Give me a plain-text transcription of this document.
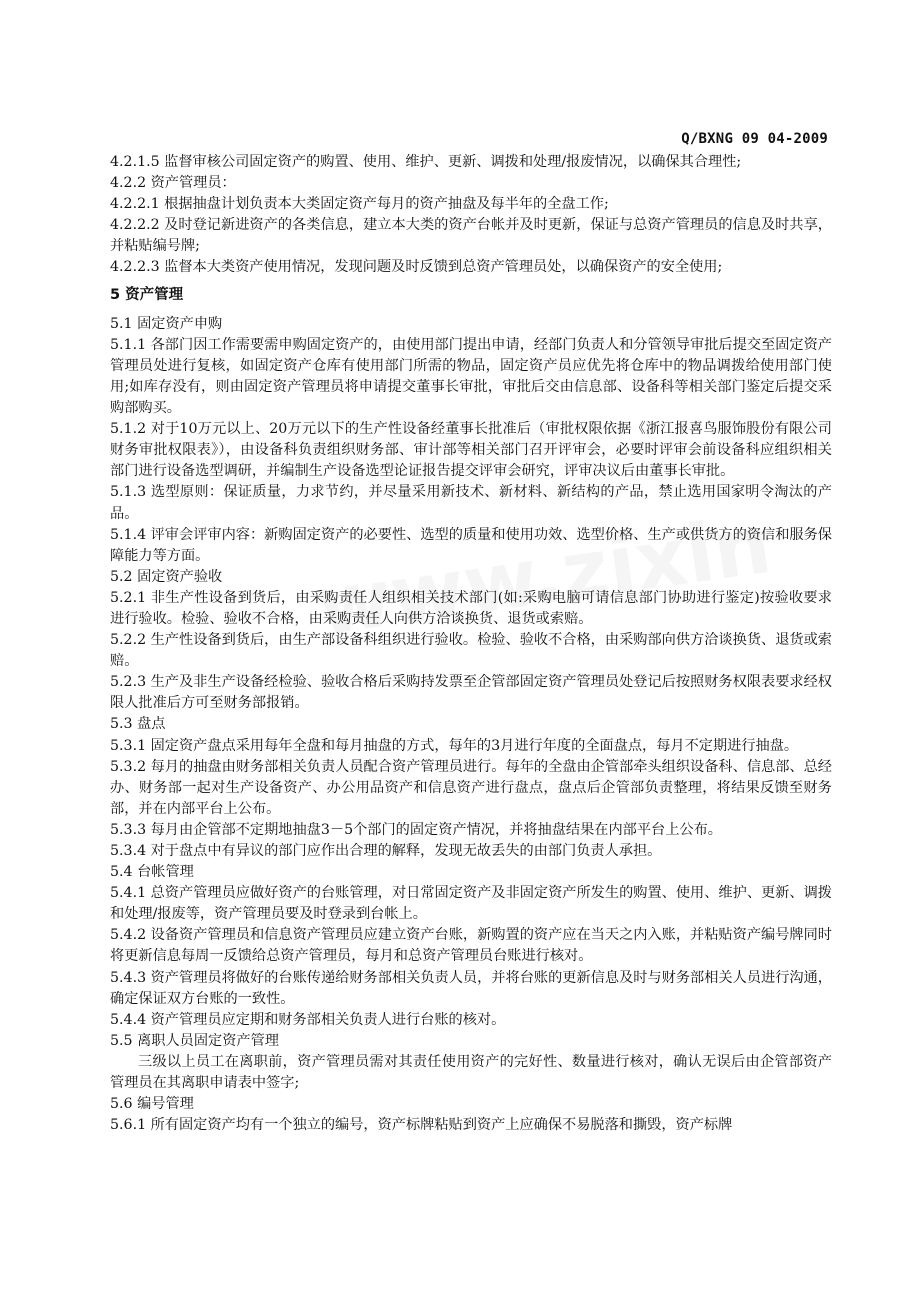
Q/BXNG 09 04-2009

4.2.1.5 监督审核公司固定资产的购置、使用、维护、更新、调拨和处理/报废情况，以确保其合理性;

4.2.2 资产管理员：

4.2.2.1 根据抽盘计划负责本大类固定资产每月的资产抽盘及每半年的全盘工作;

4.2.2.2 及时登记新进资产的各类信息，建立本大类的资产台帐并及时更新，保证与总资产管理员的信息及时共享，并粘贴编号牌;

4.2.2.3 监督本大类资产使用情况，发现问题及时反馈到总资产管理员处，以确保资产的安全使用;

5 资产管理

5.1 固定资产申购

5.1.1 各部门因工作需要需申购固定资产的，由使用部门提出申请，经部门负责人和分管领导审批后提交至固定资产管理员处进行复核，如固定资产仓库有使用部门所需的物品，固定资产员应优先将仓库中的物品调拨给使用部门使用;如库存没有，则由固定资产管理员将申请提交董事长审批，审批后交由信息部、设备科等相关部门鉴定后提交采购部购买。

5.1.2 对于10万元以上、20万元以下的生产性设备经董事长批准后（审批权限依据《浙江报喜鸟服饰股份有限公司财务审批权限表》），由设备科负责组织财务部、审计部等相关部门召开评审会，必要时评审会前设备科应组织相关部门进行设备选型调研，并编制生产设备选型论证报告提交评审会研究，评审决议后由董事长审批。

5.1.3 选型原则：保证质量，力求节约，并尽量采用新技术、新材料、新结构的产品，禁止选用国家明令淘汰的产品。

5.1.4 评审会评审内容：新购固定资产的必要性、选型的质量和使用功效、选型价格、生产或供货方的资信和服务保障能力等方面。

5.2 固定资产验收

5.2.1 非生产性设备到货后，由采购责任人组织相关技术部门(如:采购电脑可请信息部门协助进行鉴定)按验收要求进行验收。检验、验收不合格，由采购责任人向供方洽谈换货、退货或索赔。

5.2.2 生产性设备到货后，由生产部设备科组织进行验收。检验、验收不合格，由采购部向供方洽谈换货、退货或索赔。

5.2.3 生产及非生产设备经检验、验收合格后采购持发票至企管部固定资产管理员处登记后按照财务权限表要求经权限人批准后方可至财务部报销。

5.3 盘点

5.3.1 固定资产盘点采用每年全盘和每月抽盘的方式，每年的3月进行年度的全面盘点，每月不定期进行抽盘。

5.3.2 每月的抽盘由财务部相关负责人员配合资产管理员进行。每年的全盘由企管部牵头组织设备科、信息部、总经办、财务部一起对生产设备资产、办公用品资产和信息资产进行盘点，盘点后企管部负责整理，将结果反馈至财务部，并在内部平台上公布。

5.3.3 每月由企管部不定期地抽盘3－5个部门的固定资产情况，并将抽盘结果在内部平台上公布。

5.3.4 对于盘点中有异议的部门应作出合理的解释，发现无故丢失的由部门负责人承担。

5.4 台帐管理

5.4.1 总资产管理员应做好资产的台账管理，对日常固定资产及非固定资产所发生的购置、使用、维护、更新、调拨和处理/报废等，资产管理员要及时登录到台帐上。

5.4.2 设备资产管理员和信息资产管理员应建立资产台账，新购置的资产应在当天之内入账，并粘贴资产编号牌同时将更新信息每周一反馈给总资产管理员，每月和总资产管理员台账进行核对。

5.4.3 资产管理员将做好的台账传递给财务部相关负责人员，并将台账的更新信息及时与财务部相关人员进行沟通，确定保证双方台账的一致性。

5.4.4 资产管理员应定期和财务部相关负责人进行台账的核对。

5.5 离职人员固定资产管理

三级以上员工在离职前，资产管理员需对其责任使用资产的完好性、数量进行核对，确认无误后由企管部资产管理员在其离职申请表中签字;

5.6 编号管理

5.6.1 所有固定资产均有一个独立的编号，资产标牌粘贴到资产上应确保不易脱落和撕毁，资产标牌
